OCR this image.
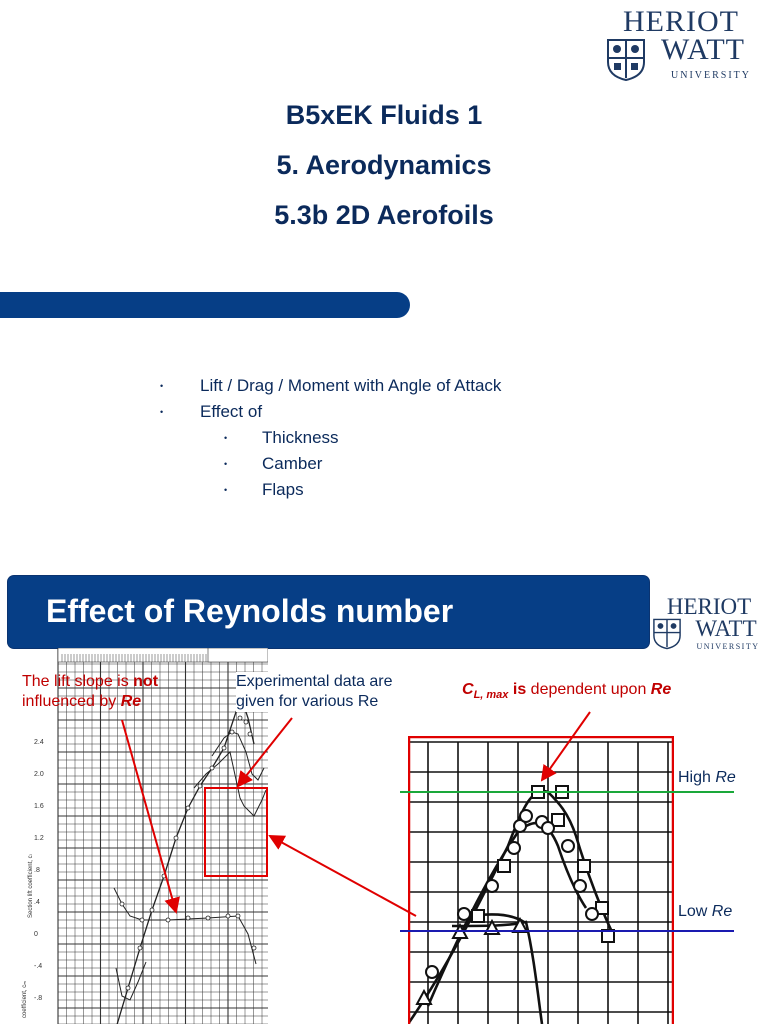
HERIOT
WATT
UNIVERSITY
B5xEK Fluids 1
5. Aerodynamics
5.3b 2D Aerofoils
• Lift / Drag / Moment with Angle of Attack
• Effect of
• Thickness
• Camber
• Flaps
Effect of Reynolds number	HERIOT
WATT
UNIVERSITY
2.4
2.0
1.6
1.2
.8
.4
0
-.4
-.8
Section lift coefficient, cₗ
coefficient, cₘ
The lift slope is not
influenced by Re
Experimental data are
given for various Re
$C_{L, max}$ is dependent upon Re
High Re
Low Re
